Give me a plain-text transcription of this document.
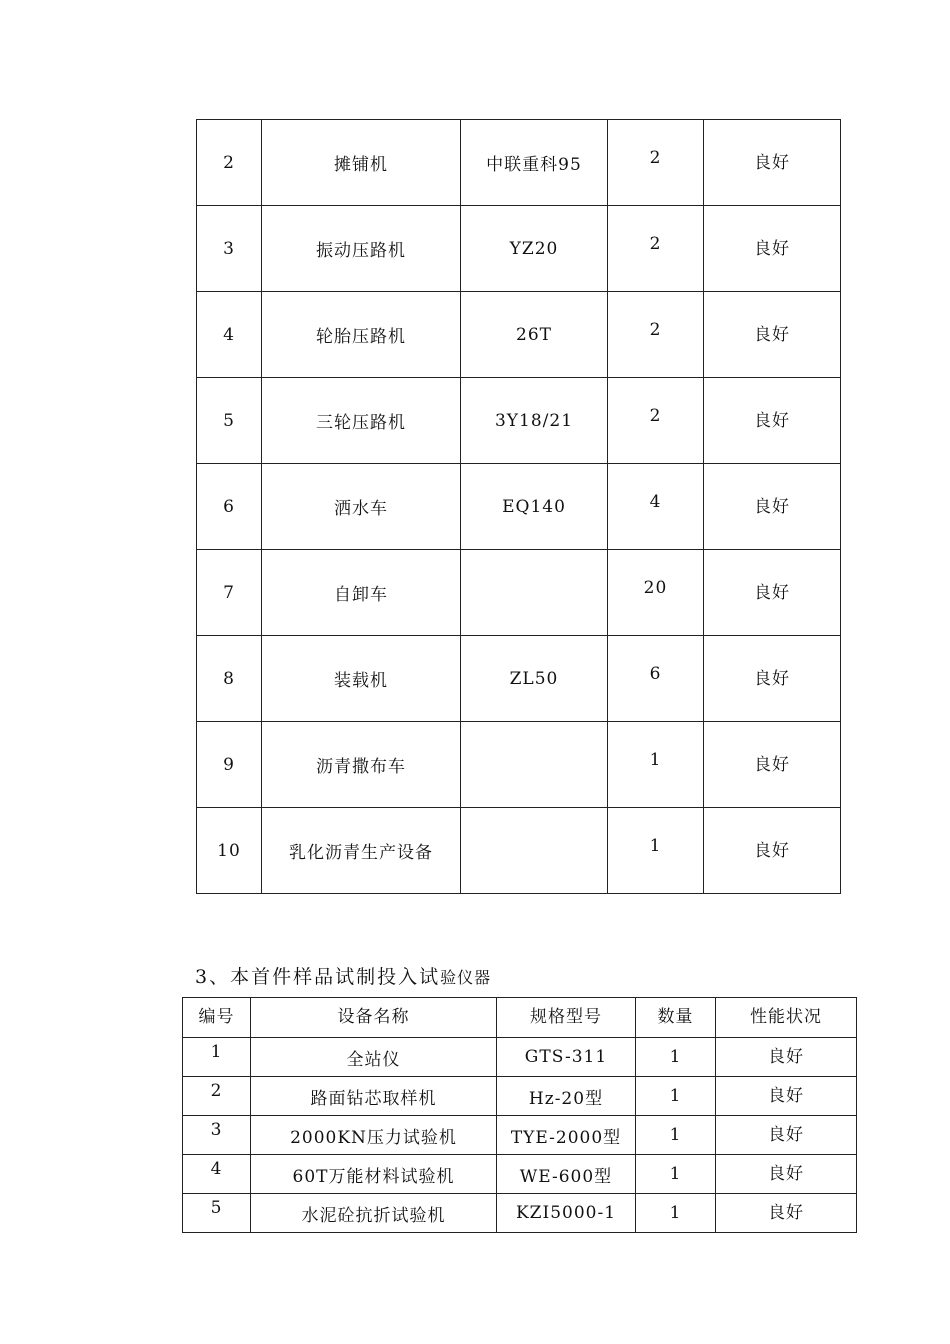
2	摊铺机	中联重科95	2	良好
3	振动压路机	YZ20	2	良好
4	轮胎压路机	26T	2	良好
5	三轮压路机	3Y18/21	2	良好
6	洒水车	EQ140	4	良好
7	自卸车		20	良好
8	装载机	ZL50	6	良好
9	沥青撒布车		1	良好
10	乳化沥青生产设备		1	良好
3、本首件样品试制投入试验仪器
编号	设备名称	规格型号	数量	性能状况
1	全站仪	GTS-311	1	良好
2	路面钻芯取样机	Hz-20型	1	良好
3	2000KN压力试验机	TYE-2000型	1	良好
4	60T万能材料试验机	WE-600型	1	良好
5	水泥砼抗折试验机	KZI5000-1	1	良好
